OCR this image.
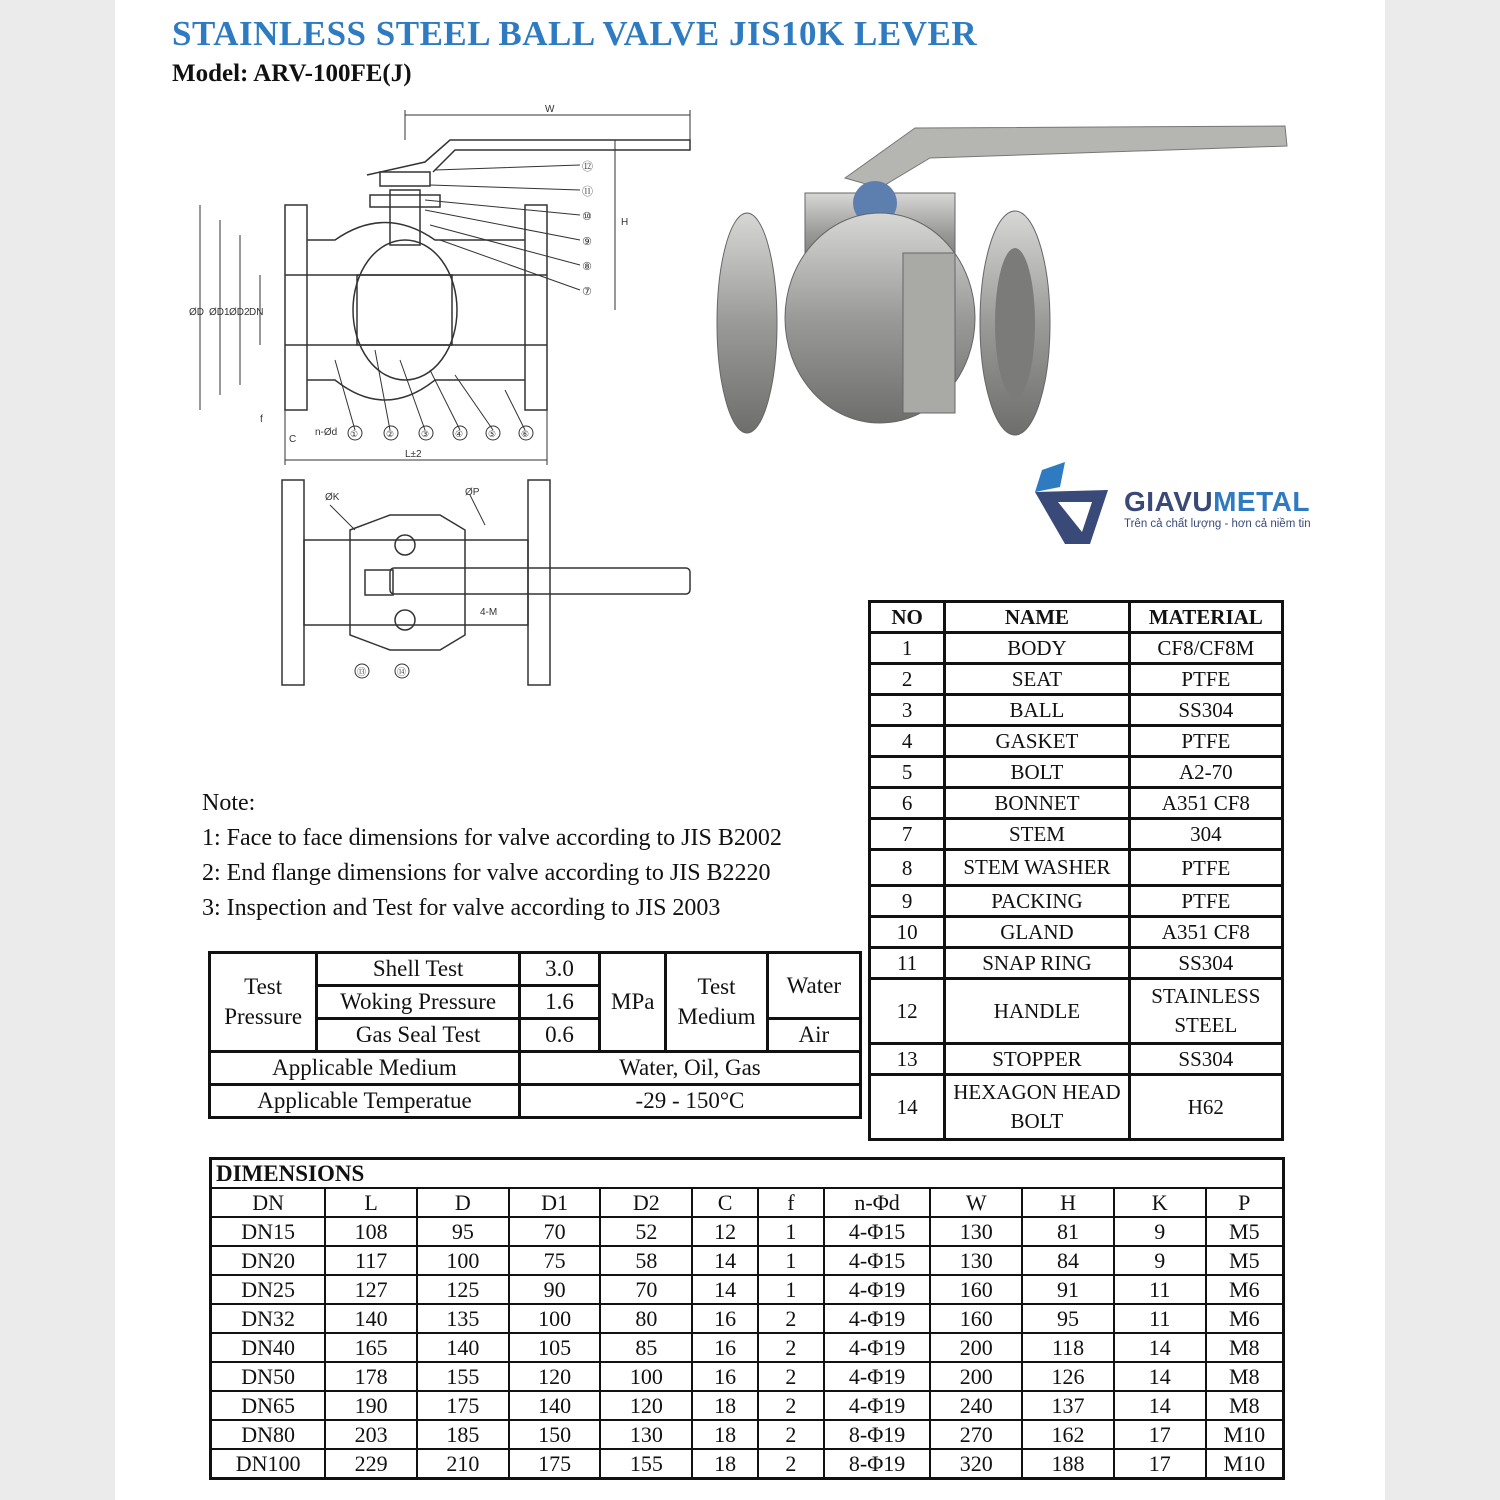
STAINLESS STEEL BALL VALVE JIS10K LEVER
Model: ARV-100FE(J)
W
H
ØD ØD1 ØD2 DN
f
C
n-Ød
L±2
①	②	③	④	⑤	⑥
⑫
⑪
⑩
⑨
⑧
⑦
ØK	ØP
4-M
⑬	⑭
GIAVUMETAL
Trên cả chất lượng - hơn cả niềm tin
Note:
1: Face to face dimensions for valve according to JIS B2002
2: End flange dimensions for valve according to JIS B2220
3: Inspection and Test for valve according to JIS 2003
NO	NAME	MATERIAL
1	BODY	CF8/CF8M
2	SEAT	PTFE
3	BALL	SS304
4	GASKET	PTFE
5	BOLT	A2-70
6	BONNET	A351 CF8
7	STEM	304
8	STEM WASHER	PTFE
9	PACKING	PTFE
10	GLAND	A351 CF8
11	SNAP RING	SS304
12	HANDLE	STAINLESS STEEL
13	STOPPER	SS304
14	HEXAGON HEAD BOLT	H62
Test Pressure	Shell Test	3.0	MPa	Test Medium	Water
	Woking Pressure	1.6			
	Gas Seal Test	0.6			Air
Applicable Medium		Water, Oil, Gas			
Applicable Temperatue		-29 - 150°C			
DIMENSIONS											
DN	L	D	D1	D2	C	f	n-Φd	W	H	K	P
DN15	108	95	70	52	12	1	4-Φ15	130	81	9	M5
DN20	117	100	75	58	14	1	4-Φ15	130	84	9	M5
DN25	127	125	90	70	14	1	4-Φ19	160	91	11	M6
DN32	140	135	100	80	16	2	4-Φ19	160	95	11	M6
DN40	165	140	105	85	16	2	4-Φ19	200	118	14	M8
DN50	178	155	120	100	16	2	4-Φ19	200	126	14	M8
DN65	190	175	140	120	18	2	4-Φ19	240	137	14	M8
DN80	203	185	150	130	18	2	8-Φ19	270	162	17	M10
DN100	229	210	175	155	18	2	8-Φ19	320	188	17	M10
